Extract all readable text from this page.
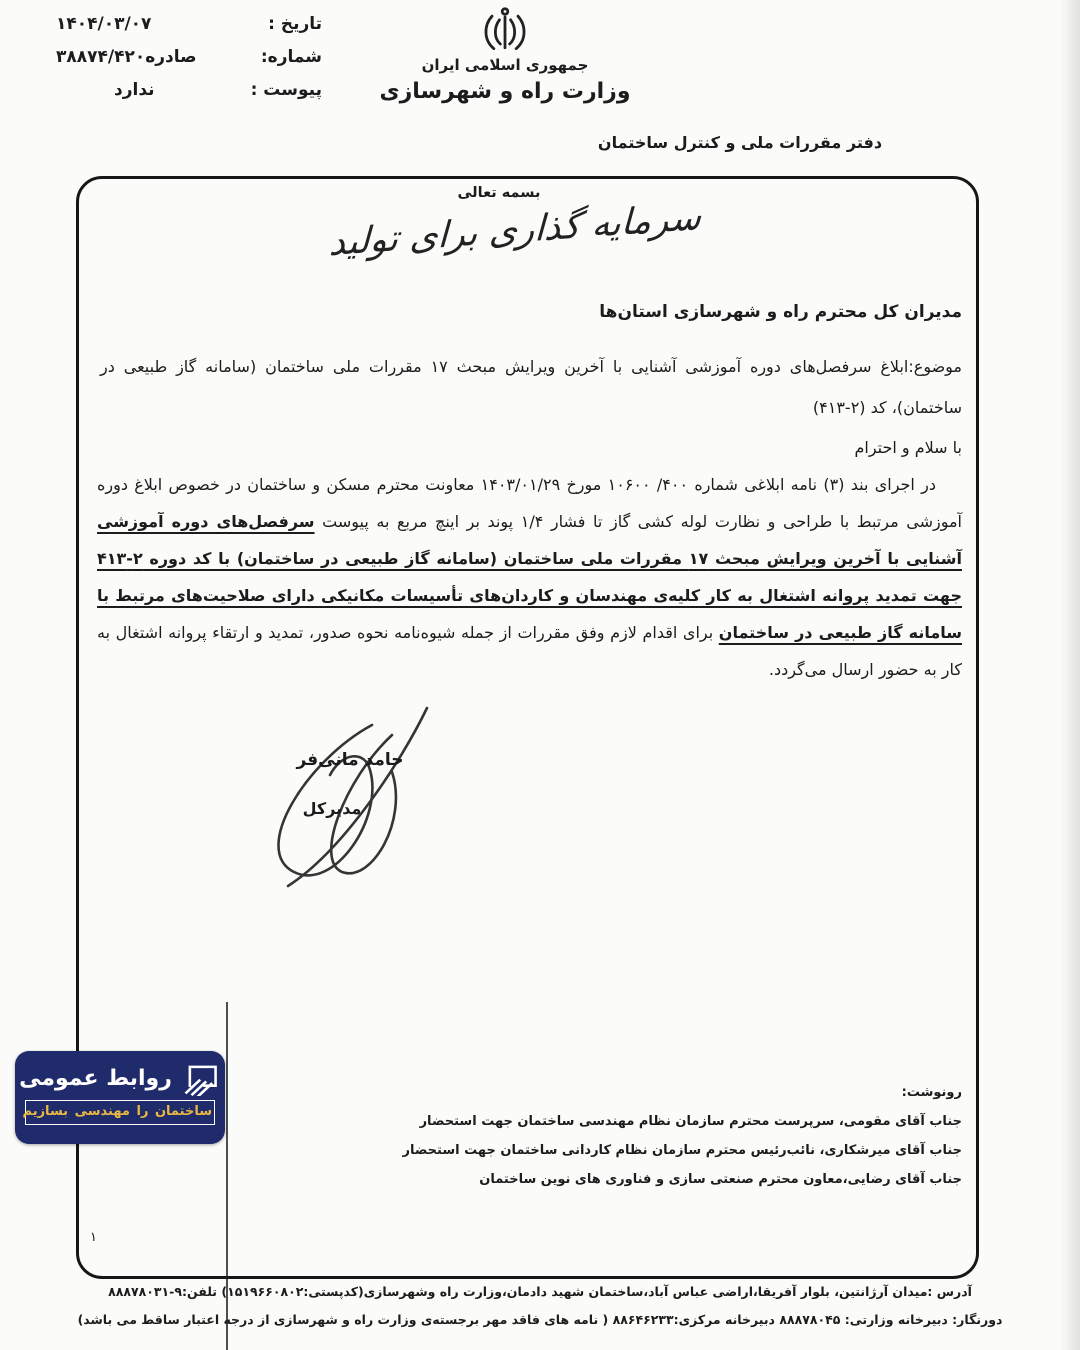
تاریخ :
۱۴۰۴/۰۳/۰۷
شماره:
صادره۳۸۸۷۴/۴۲۰
پیوست :
ندارد
جمهوری اسلامی ایران
وزارت راه و شهرسازی
دفتر مقررات ملی و کنترل ساختمان
بسمه تعالی
سرمایه گذاری برای تولید
مدیران کل محترم راه و شهرسازی استان‌ها
موضوع:ابلاغ سرفصل‌های دوره آموزشی آشنایی با آخرین ویرایش مبحث ۱۷ مقررات ملی ساختمان (سامانه گاز طبیعی در ساختمان)، کد (۲-۴۱۳)
با سلام و احترام
در اجرای بند (۳) نامه ابلاغی شماره ۴۰۰/ ۱۰۶۰۰ مورخ ۱۴۰۳/۰۱/۲۹ معاونت محترم مسکن و ساختمان در خصوص ابلاغ دوره آموزشی مرتبط با طراحی و نظارت لوله کشی گاز تا فشار ۱/۴ پوند بر اینچ مربع به پیوست سرفصل‌های دوره آموزشی آشنایی با آخرین ویرایش مبحث ۱۷ مقررات ملی ساختمان (سامانه گاز طبیعی در ساختمان) با کد دوره ۲-۴۱۳ جهت تمدید پروانه اشتغال به کار کلیه‌ی مهندسان و کاردان‌های تأسیسات مکانیکی دارای صلاحیت‌های مرتبط با سامانه گاز طبیعی در ساختمان برای اقدام لازم وفق مقررات از جمله شیوه‌نامه نحوه صدور، تمدید و ارتقاء پروانه اشتغال به کار به حضور ارسال می‌گردد.
حامد مانی‌فر
مدیرکل
رونوشت:
جناب آقای مقومی، سرپرست محترم سازمان نظام مهندسی ساختمان جهت استحضار
جناب آقای میرشکاری، نائب‌رئیس محترم سازمان نظام کاردانی ساختمان جهت استحضار
جناب آقای رضایی،معاون محترم صنعتی سازی و فناوری های نوین ساختمان
۱
روابط عمومی
ساختمان را مهندسی بسازیم
آدرس :میدان آرژانتین، بلوار آفریقا،اراضی عباس آباد،ساختمان شهید دادمان،وزارت راه وشهرسازی(کدپستی:۱۵۱۹۶۶۰۸۰۲) تلفن:۹-۸۸۸۷۸۰۳۱
دورنگار: دبیرخانه وزارتی: ۸۸۸۷۸۰۴۵ دبیرخانه مرکزی:۸۸۶۴۶۲۳۳ ( نامه های فاقد مهر برجسته‌ی وزارت راه و شهرسازی از درجه اعتبار ساقط می باشد)
